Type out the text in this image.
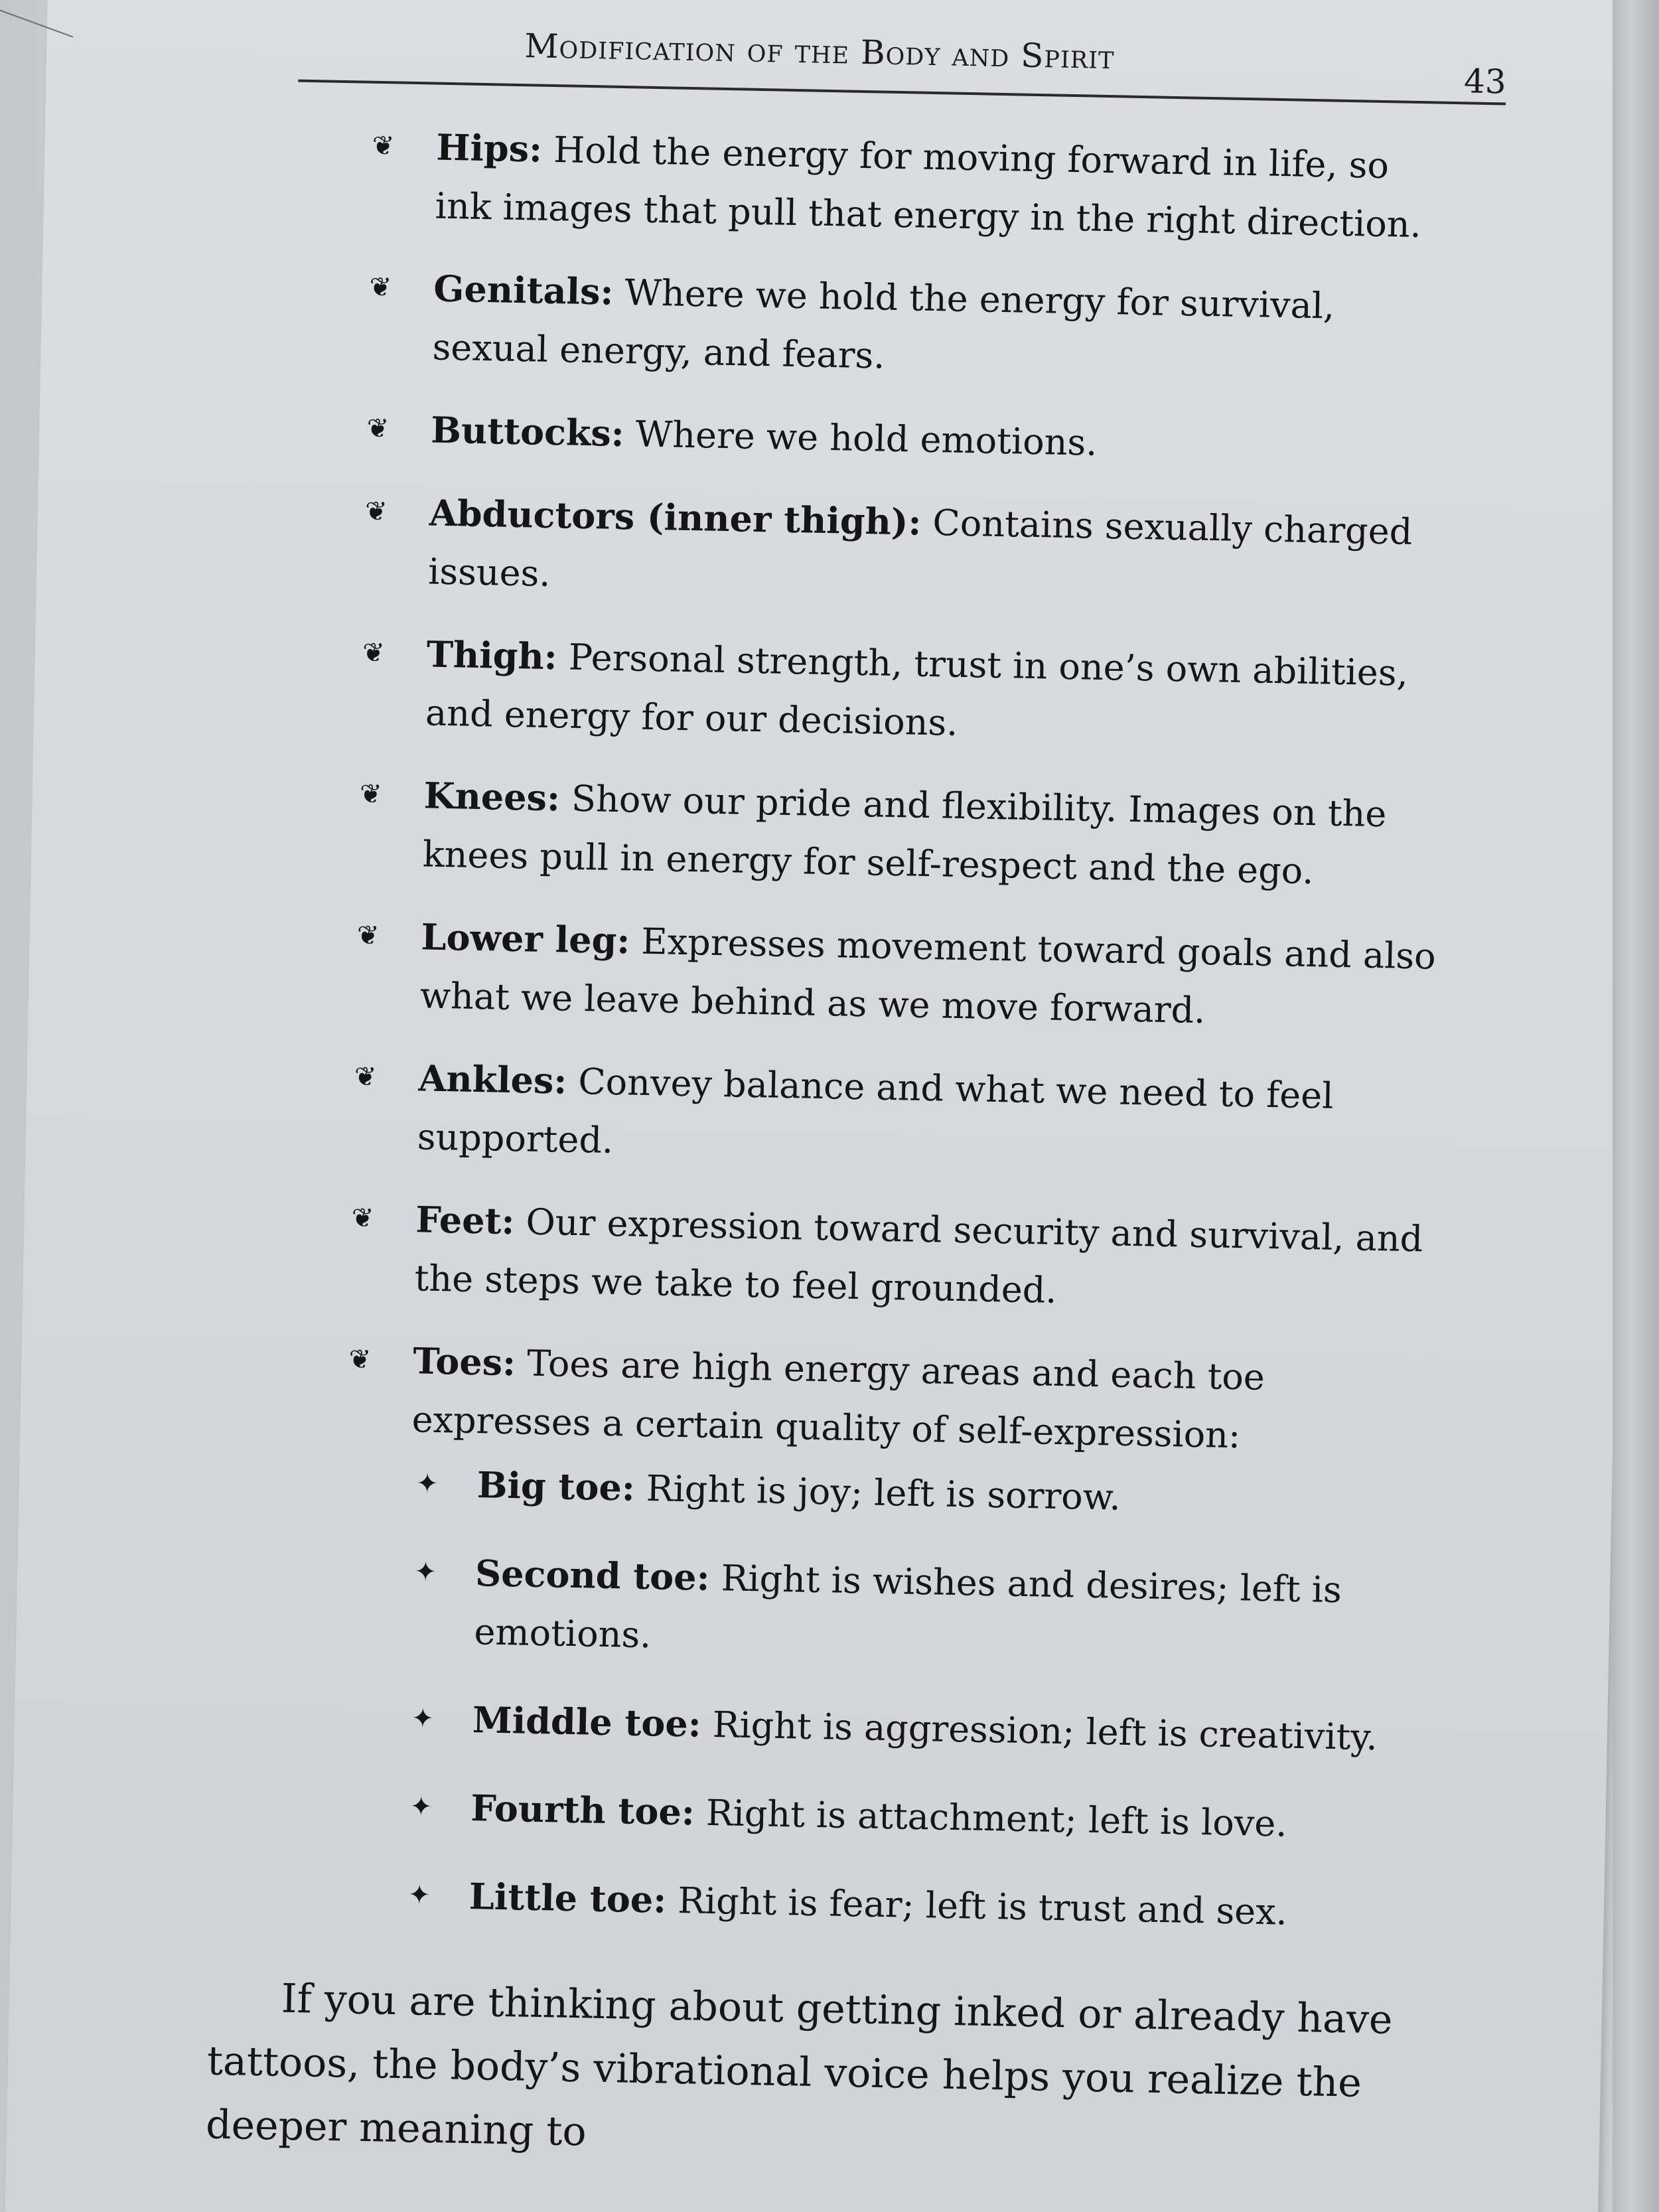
Modification of the Body and Spirit
43
❦ Hips: Hold the energy for moving forward in life, so ink images that pull that energy in the right direction.
❦ Genitals: Where we hold the energy for survival, sexual energy, and fears.
❦ Buttocks: Where we hold emotions.
❦ Abductors (inner thigh): Contains sexually charged issues.
❦ Thigh: Personal strength, trust in one’s own abilities, and energy for our decisions.
❦ Knees: Show our pride and flexibility. Images on the knees pull in energy for self-respect and the ego.
❦ Lower leg: Expresses movement toward goals and also what we leave behind as we move forward.
❦ Ankles: Convey balance and what we need to feel supported.
❦ Feet: Our expression toward security and survival, and the steps we take to feel grounded.
❦ Toes: Toes are high energy areas and each toe expresses a certain quality of self-expression:
✦ Big toe: Right is joy; left is sorrow.
✦ Second toe: Right is wishes and desires; left is emotions.
✦ Middle toe: Right is aggression; left is creativity.
✦ Fourth toe: Right is attachment; left is love.
✦ Little toe: Right is fear; left is trust and sex.
If you are thinking about getting inked or already have tattoos, the body’s vibrational voice helps you realize the deeper meaning to
